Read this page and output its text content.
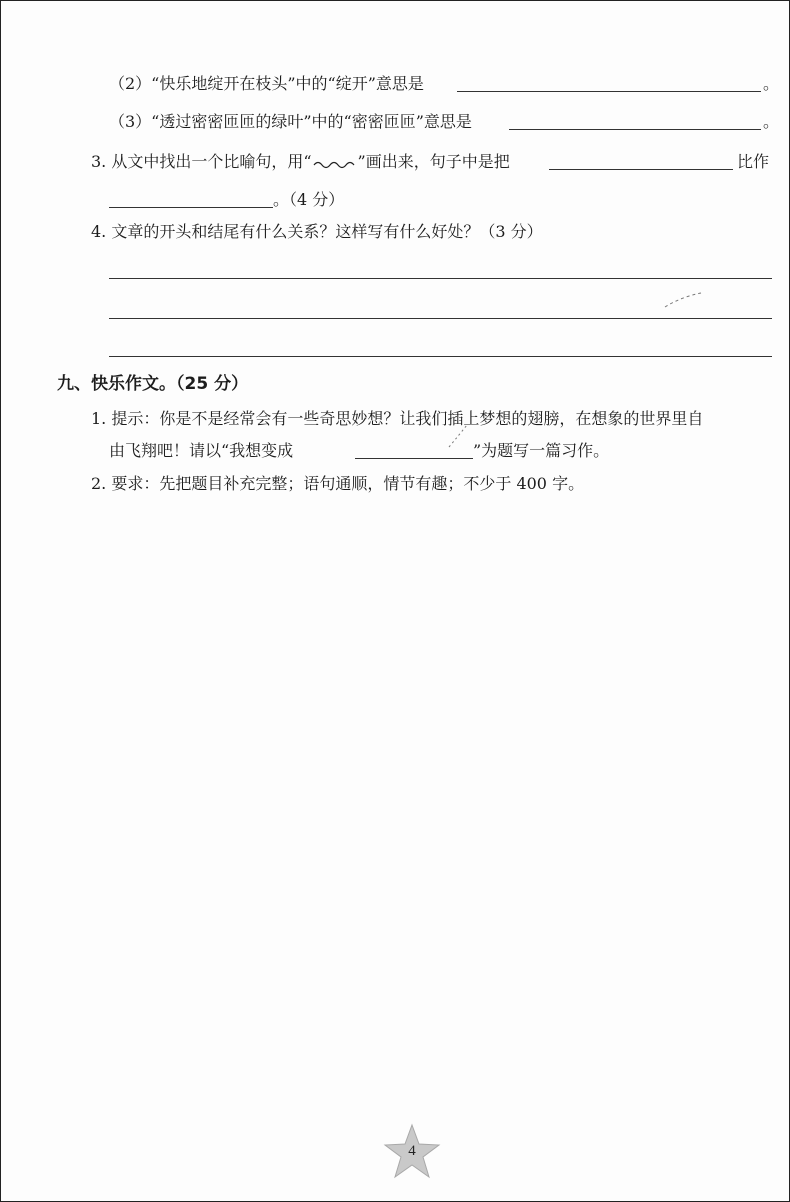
（2）“快乐地绽开在枝头”中的“绽开”意思是	。
（3）“透过密密匝匝的绿叶”中的“密密匝匝”意思是	。
3. 从文中找出一个比喻句，用“	”画出来，句子中是把	比作
。（4 分）
4. 文章的开头和结尾有什么关系？这样写有什么好处？（3 分）
九、快乐作文。（25 分）
1. 提示：你是不是经常会有一些奇思妙想？让我们插上梦想的翅膀，在想象的世界里自
由飞翔吧！请以“我想变成	”为题写一篇习作。
2. 要求：先把题目补充完整；语句通顺，情节有趣；不少于 400 字。
4
